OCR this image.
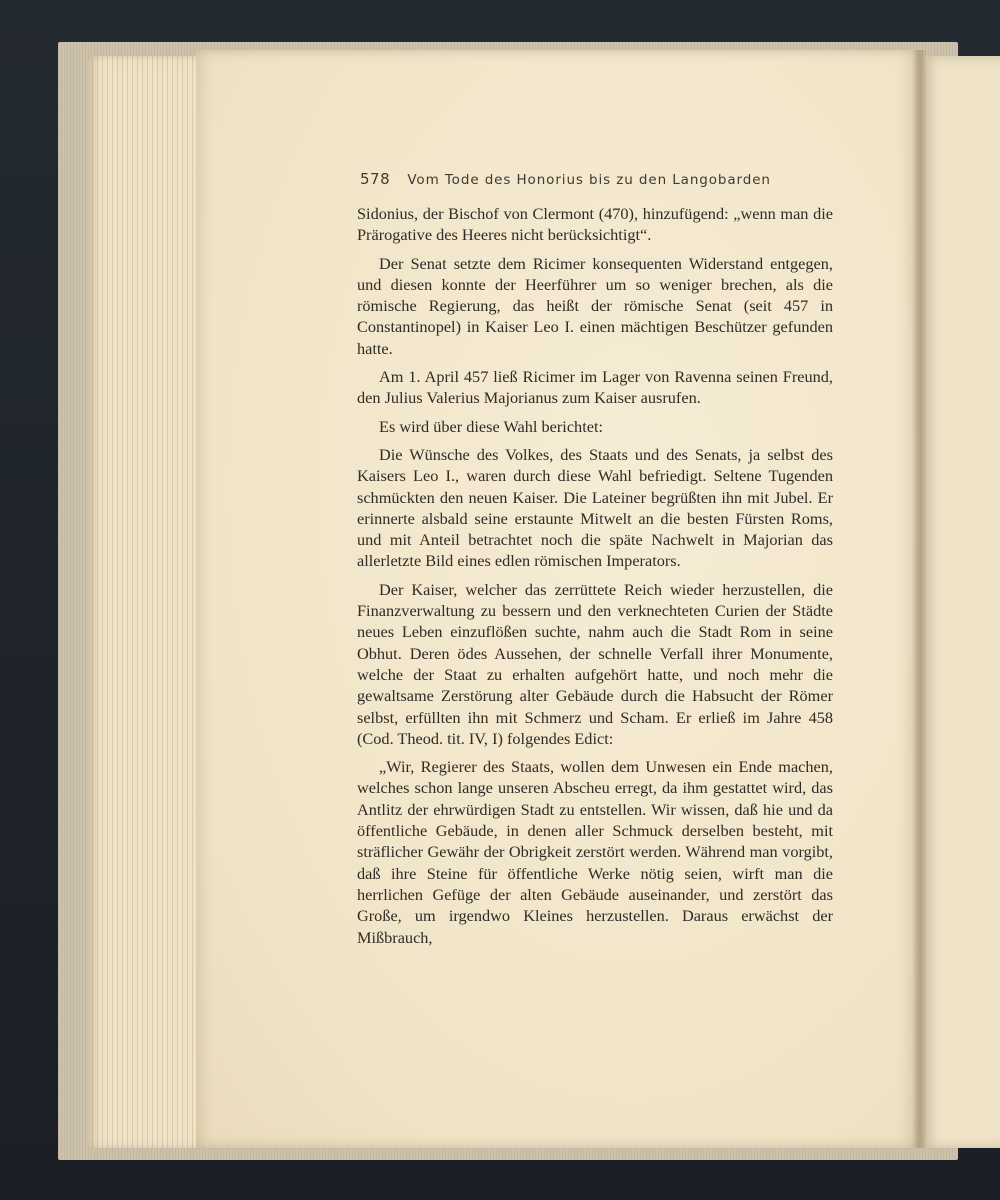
578 Vom Tode des Honorius bis zu den Langobarden

Sidonius, der Bischof von Clermont (470), hinzufügend: „wenn man die Prärogative des Heeres nicht berücksichtigt“.

Der Senat setzte dem Ricimer konsequenten Widerstand entgegen, und diesen konnte der Heerführer um so weniger brechen, als die römische Regierung, das heißt der römische Senat (seit 457 in Constantinopel) in Kaiser Leo I. einen mächtigen Beschützer gefunden hatte.

Am 1. April 457 ließ Ricimer im Lager von Ravenna seinen Freund, den Julius Valerius Majorianus zum Kaiser ausrufen.

Es wird über diese Wahl berichtet:

Die Wünsche des Volkes, des Staats und des Senats, ja selbst des Kaisers Leo I., waren durch diese Wahl befriedigt. Seltene Tugenden schmückten den neuen Kaiser. Die Lateiner begrüßten ihn mit Jubel. Er erinnerte alsbald seine erstaunte Mitwelt an die besten Fürsten Roms, und mit Anteil betrachtet noch die späte Nachwelt in Majorian das allerletzte Bild eines edlen römischen Imperators.

Der Kaiser, welcher das zerrüttete Reich wieder herzustellen, die Finanzverwaltung zu bessern und den verknechteten Curien der Städte neues Leben einzuflößen suchte, nahm auch die Stadt Rom in seine Obhut. Deren ödes Aussehen, der schnelle Verfall ihrer Monumente, welche der Staat zu erhalten aufgehört hatte, und noch mehr die gewaltsame Zerstörung alter Gebäude durch die Habsucht der Römer selbst, erfüllten ihn mit Schmerz und Scham. Er erließ im Jahre 458 (Cod. Theod. tit. IV, I) folgendes Edict:

„Wir, Regierer des Staats, wollen dem Unwesen ein Ende machen, welches schon lange unseren Abscheu erregt, da ihm gestattet wird, das Antlitz der ehrwürdigen Stadt zu entstellen. Wir wissen, daß hie und da öffentliche Gebäude, in denen aller Schmuck derselben besteht, mit sträflicher Gewähr der Obrigkeit zerstört werden. Während man vorgibt, daß ihre Steine für öffentliche Werke nötig seien, wirft man die herrlichen Gefüge der alten Gebäude auseinander, und zerstört das Große, um irgendwo Kleines herzustellen. Daraus erwächst der Mißbrauch,
